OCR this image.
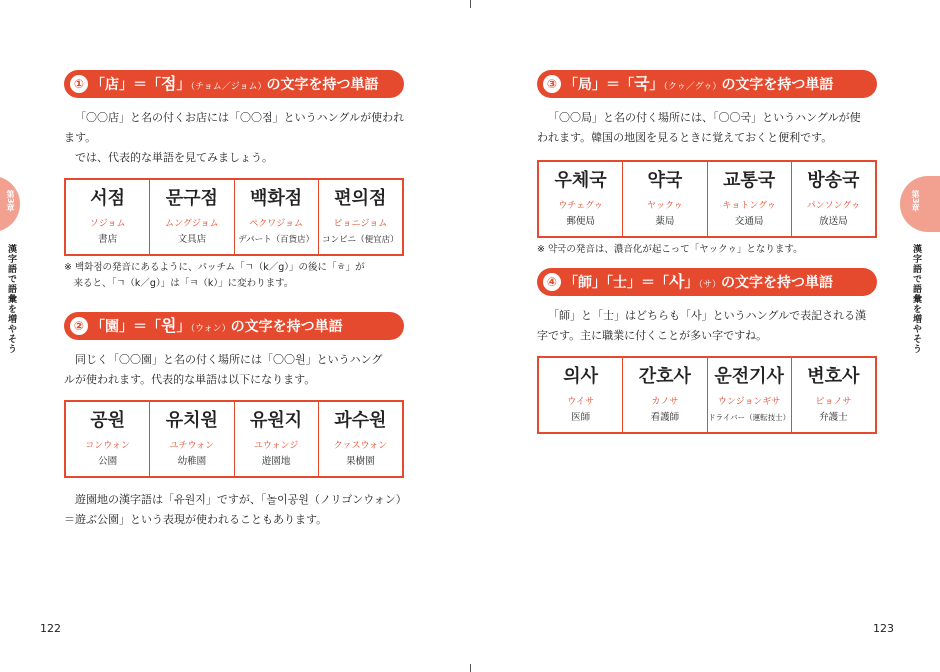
第3章
漢字語で語彙を増やそう
第3章
漢字語で語彙を増やそう
① 「店」＝「점」（チョム／ジョム）の文字を持つ単語
「〇〇店」と名の付くお店には「〇〇점」というハングルが使われます。
では、代表的な単語を見てみましょう。
서점
ソジョム
書店
문구점
ムングジョム
文具店
백화점
ペクワジョム
デパート（百貨店）
편의점
ピョニジョム
コンビニ（便宜店）
※ 백화점の発音にあるように、パッチム「ㄱ（k／g）」の後に「ㅎ」が
　来ると、「ㄱ（k／g）」は「ㅋ（k）」に変わります。
② 「園」＝「원」（ウォン）の文字を持つ単語
同じく「〇〇園」と名の付く場所には「〇〇원」というハング
ルが使われます。代表的な単語は以下になります。
공원
コンウォン
公園
유치원
ユチウォン
幼稚園
유원지
ユウォンジ
遊園地
과수원
クァスウォン
果樹園
遊園地の漢字語は「유원지」ですが、「놀이공원（ノリゴンウォン）
＝遊ぶ公園」という表現が使われることもあります。
122
③ 「局」＝「국」（クゥ／グゥ）の文字を持つ単語
「〇〇局」と名の付く場所には、「〇〇국」というハングルが使
われます。韓国の地図を見るときに覚えておくと便利です。
우체국
ウチェグゥ
郵便局
약국
ヤックゥ
薬局
교통국
キョトングゥ
交通局
방송국
パンソングゥ
放送局
※ 약국の発音は、濃音化が起こって「ヤックゥ」となります。
④ 「師」「士」＝「사」（サ）の文字を持つ単語
「師」と「士」はどちらも「사」というハングルで表記される漢
字です。主に職業に付くことが多い字ですね。
의사
ウイサ
医師
간호사
カノサ
看護師
운전기사
ウンジョンギサ
ドライバー（運転技士）
변호사
ピョノサ
弁護士
123
